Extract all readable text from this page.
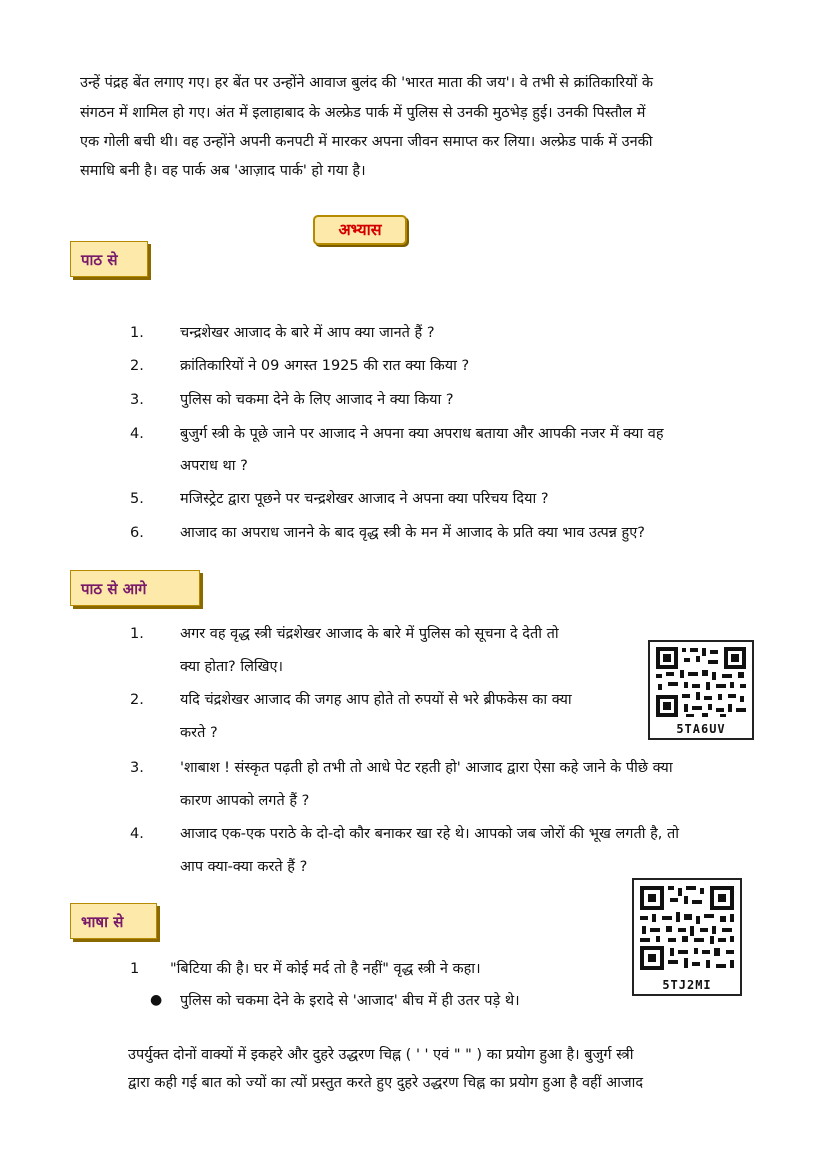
उन्हें पंद्रह बेंत लगाए गए। हर बेंत पर उन्होंने आवाज बुलंद की 'भारत माता की जय'। वे तभी से क्रांतिकारियों के
संगठन में शामिल हो गए। अंत में इलाहाबाद के अल्फ्रेड पार्क में पुलिस से उनकी मुठभेड़ हुई। उनकी पिस्तौल में
एक गोली बची थी। वह उन्होंने अपनी कनपटी में मारकर अपना जीवन समाप्त कर लिया। अल्फ्रेड पार्क में उनकी
समाधि बनी है। वह पार्क अब 'आज़ाद पार्क' हो गया है।
अभ्यास
पाठ से
1. चन्द्रशेखर आजाद के बारे में आप क्या जानते हैं ?
2. क्रांतिकारियों ने 09 अगस्त 1925 की रात क्या किया ?
3. पुलिस को चकमा देने के लिए आजाद ने क्या किया ?
4. बुजुर्ग स्त्री के पूछे जाने पर आजाद ने अपना क्या अपराध बताया और आपकी नजर में क्या वह
अपराध था ?
5. मजिस्ट्रेट द्वारा पूछने पर चन्द्रशेखर आजाद ने अपना क्या परिचय दिया ?
6. आजाद का अपराध जानने के बाद वृद्ध स्त्री के मन में आजाद के प्रति क्या भाव उत्पन्न हुए?
पाठ से आगे
1. अगर वह वृद्ध स्त्री चंद्रशेखर आजाद के बारे में पुलिस को सूचना दे देती तो
क्या होता? लिखिए।
2. यदि चंद्रशेखर आजाद की जगह आप होते तो रुपयों से भरे ब्रीफकेस का क्या
करते ?
3. 'शाबाश ! संस्कृत पढ़ती हो तभी तो आधे पेट रहती हो' आजाद द्वारा ऐसा कहे जाने के पीछे क्या
कारण आपको लगते हैं ?
4. आजाद एक-एक पराठे के दो-दो कौर बनाकर खा रहे थे। आपको जब जोरों की भूख लगती है, तो
आप क्या-क्या करते हैं ?
5TA6UV
भाषा से
1 "बिटिया की है। घर में कोई मर्द तो है नहीं" वृद्ध स्त्री ने कहा।
● पुलिस को चकमा देने के इरादे से 'आजाद' बीच में ही उतर पड़े थे।
5TJ2MI
उपर्युक्त दोनों वाक्यों में इकहरे और दुहरे उद्धरण चिह्न ( ' ' एवं " " ) का प्रयोग हुआ है। बुजुर्ग स्त्री
द्वारा कही गई बात को ज्यों का त्यों प्रस्तुत करते हुए दुहरे उद्धरण चिह्न का प्रयोग हुआ है वहीं आजाद
